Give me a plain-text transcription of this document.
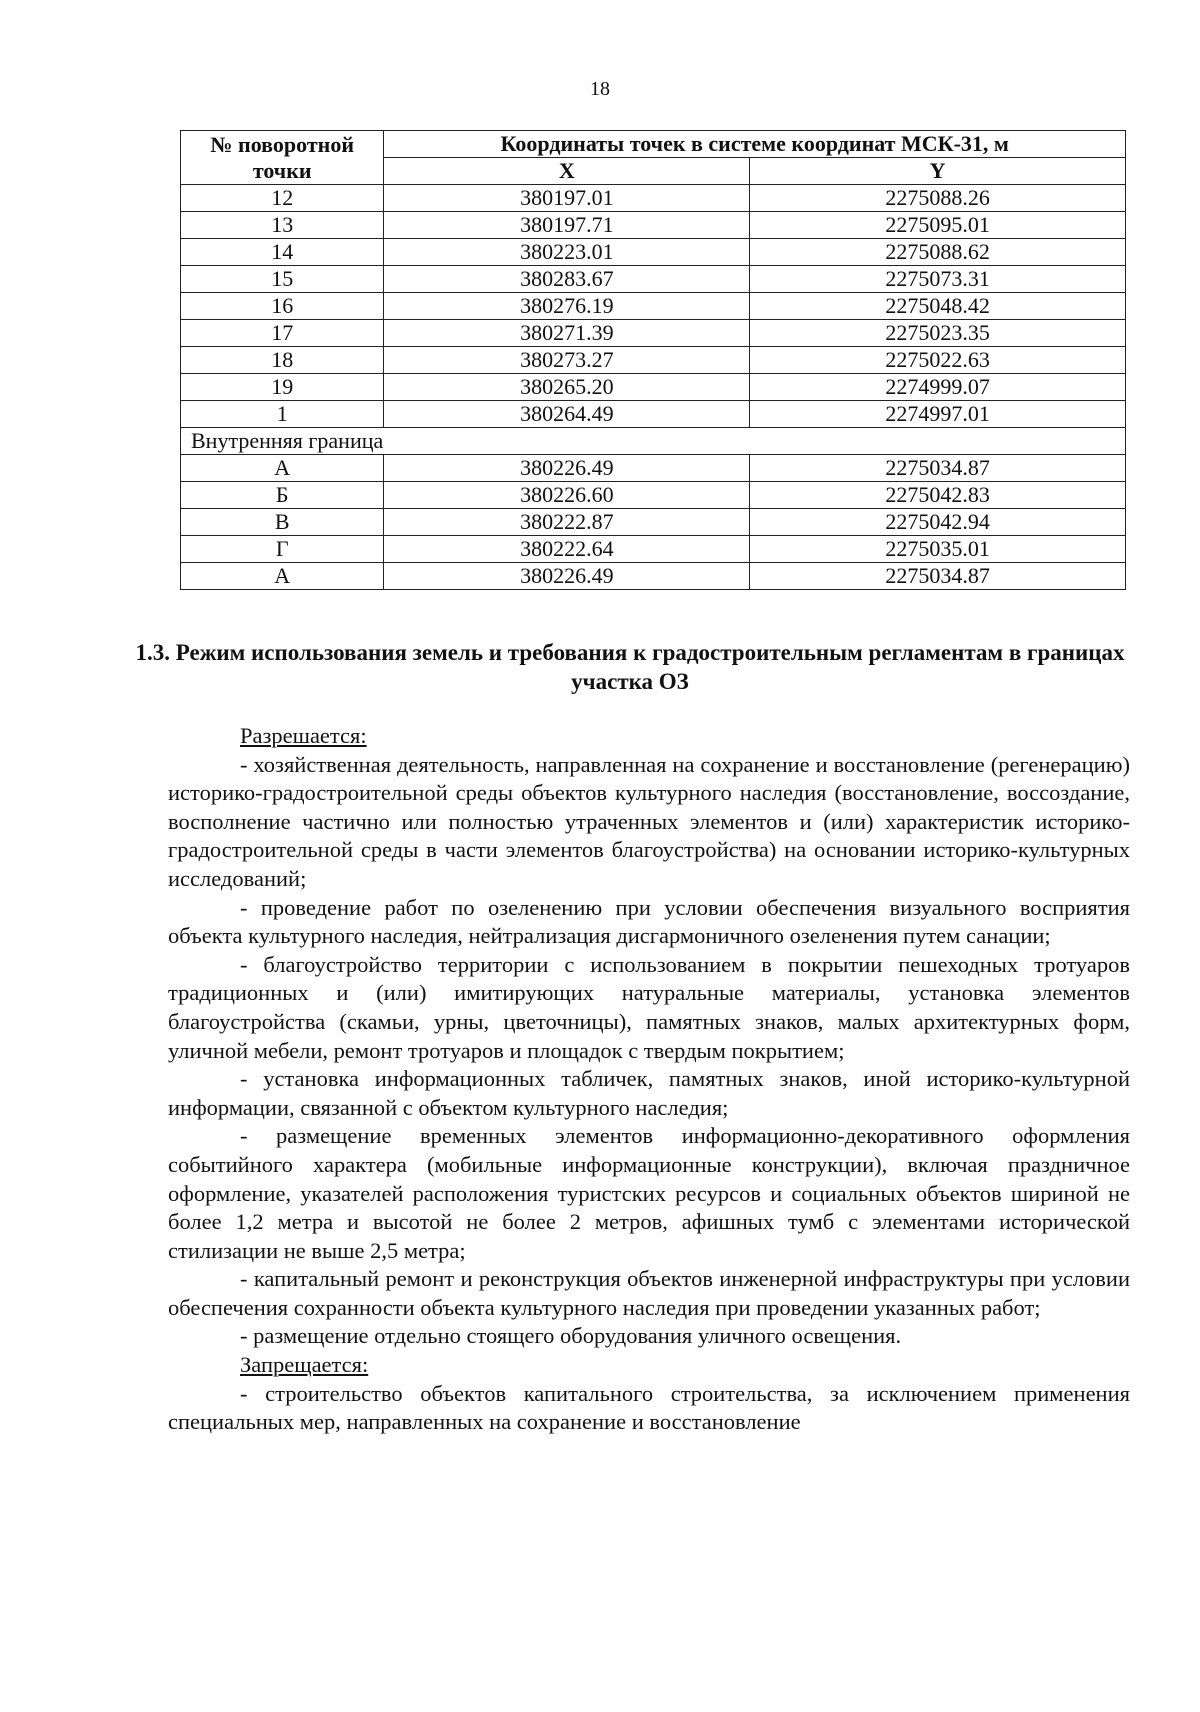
18
№ поворотной точки	Координаты точек в системе координат МСК-31, м	
	X	Y
12	380197.01	2275088.26
13	380197.71	2275095.01
14	380223.01	2275088.62
15	380283.67	2275073.31
16	380276.19	2275048.42
17	380271.39	2275023.35
18	380273.27	2275022.63
19	380265.20	2274999.07
1	380264.49	2274997.01
Внутренняя граница		
А	380226.49	2275034.87
Б	380226.60	2275042.83
В	380222.87	2275042.94
Г	380222.64	2275035.01
А	380226.49	2275034.87
1.3. Режим использования земель и требования к градостроительным регламентам в границах участка ОЗ

Разрешается:

- хозяйственная деятельность, направленная на сохранение и восстановление (регенерацию) историко-градостроительной среды объектов культурного наследия (восстановление, воссоздание, восполнение частично или полностью утраченных элементов и (или) характеристик историко-градостроительной среды в части элементов благоустройства) на основании историко-культурных исследований;

- проведение работ по озеленению при условии обеспечения визуального восприятия объекта культурного наследия, нейтрализация дисгармоничного озеленения путем санации;

- благоустройство территории с использованием в покрытии пешеходных тротуаров традиционных и (или) имитирующих натуральные материалы, установка элементов благоустройства (скамьи, урны, цветочницы), памятных знаков, малых архитектурных форм, уличной мебели, ремонт тротуаров и площадок с твердым покрытием;

- установка информационных табличек, памятных знаков, иной историко-культурной информации, связанной с объектом культурного наследия;

- размещение временных элементов информационно-декоративного оформления событийного характера (мобильные информационные конструкции), включая праздничное оформление, указателей расположения туристских ресурсов и социальных объектов шириной не более 1,2 метра и высотой не более 2 метров, афишных тумб с элементами исторической стилизации не выше 2,5 метра;

- капитальный ремонт и реконструкция объектов инженерной инфраструктуры при условии обеспечения сохранности объекта культурного наследия при проведении указанных работ;

- размещение отдельно стоящего оборудования уличного освещения.

Запрещается:

- строительство объектов капитального строительства, за исключением применения специальных мер, направленных на сохранение и восстановление
